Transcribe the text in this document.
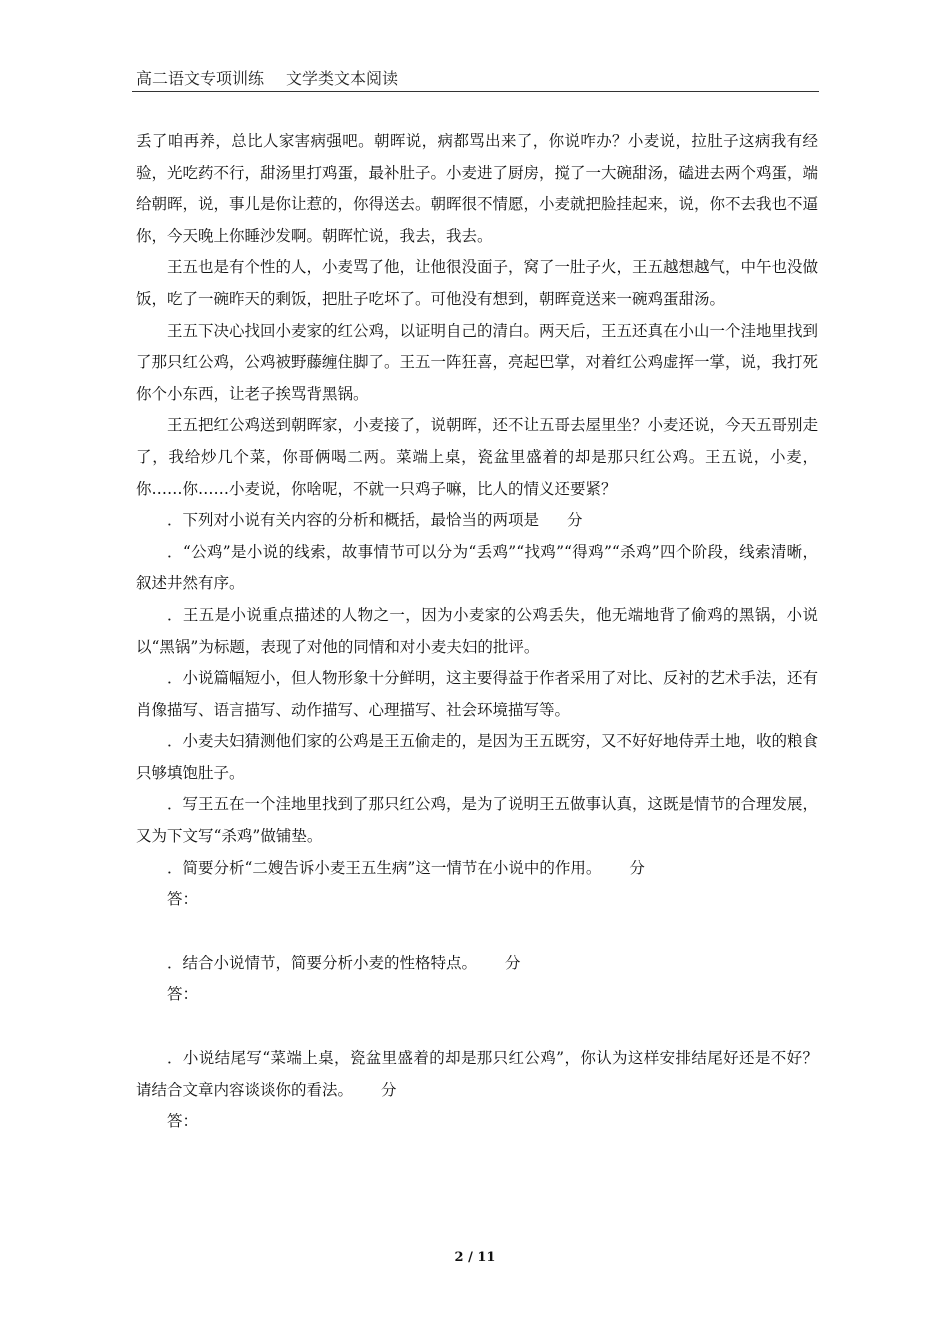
高二语文专项训练 文学类文本阅读

丢了咱再养，总比人家害病强吧。朝晖说，病都骂出来了，你说咋办？小麦说，拉肚子这病我有经验，光吃药不行，甜汤里打鸡蛋，最补肚子。小麦进了厨房，搅了一大碗甜汤，磕进去两个鸡蛋，端给朝晖，说，事儿是你让惹的，你得送去。朝晖很不情愿，小麦就把脸挂起来，说，你不去我也不逼你，今天晚上你睡沙发啊。朝晖忙说，我去，我去。

王五也是有个性的人，小麦骂了他，让他很没面子，窝了一肚子火，王五越想越气，中午也没做饭，吃了一碗昨天的剩饭，把肚子吃坏了。可他没有想到，朝晖竟送来一碗鸡蛋甜汤。

王五下决心找回小麦家的红公鸡，以证明自己的清白。两天后，王五还真在小山一个洼地里找到了那只红公鸡，公鸡被野藤缠住脚了。王五一阵狂喜，亮起巴掌，对着红公鸡虚挥一掌，说，我打死你个小东西，让老子挨骂背黑锅。

王五把红公鸡送到朝晖家，小麦接了，说朝晖，还不让五哥去屋里坐？小麦还说，今天五哥别走了，我给炒几个菜，你哥俩喝二两。菜端上桌，瓷盆里盛着的却是那只红公鸡。王五说，小麦，你……你……小麦说，你啥呢，不就一只鸡子嘛，比人的情义还要紧？

．下列对小说有关内容的分析和概括，最恰当的两项是 分

．“公鸡”是小说的线索，故事情节可以分为“丢鸡”“找鸡”“得鸡”“杀鸡”四个阶段，线索清晰，叙述井然有序。

．王五是小说重点描述的人物之一，因为小麦家的公鸡丢失，他无端地背了偷鸡的黑锅，小说以“黑锅”为标题，表现了对他的同情和对小麦夫妇的批评。

．小说篇幅短小，但人物形象十分鲜明，这主要得益于作者采用了对比、反衬的艺术手法，还有肖像描写、语言描写、动作描写、心理描写、社会环境描写等。

．小麦夫妇猜测他们家的公鸡是王五偷走的，是因为王五既穷，又不好好地侍弄土地，收的粮食只够填饱肚子。

．写王五在一个洼地里找到了那只红公鸡，是为了说明王五做事认真，这既是情节的合理发展，又为下文写“杀鸡”做铺垫。

．简要分析“二嫂告诉小麦王五生病”这一情节在小说中的作用。 分

答：

．结合小说情节，简要分析小麦的性格特点。 分

答：

．小说结尾写“菜端上桌，瓷盆里盛着的却是那只红公鸡”，你认为这样安排结尾好还是不好？请结合文章内容谈谈你的看法。 分

答：

2 / 11
